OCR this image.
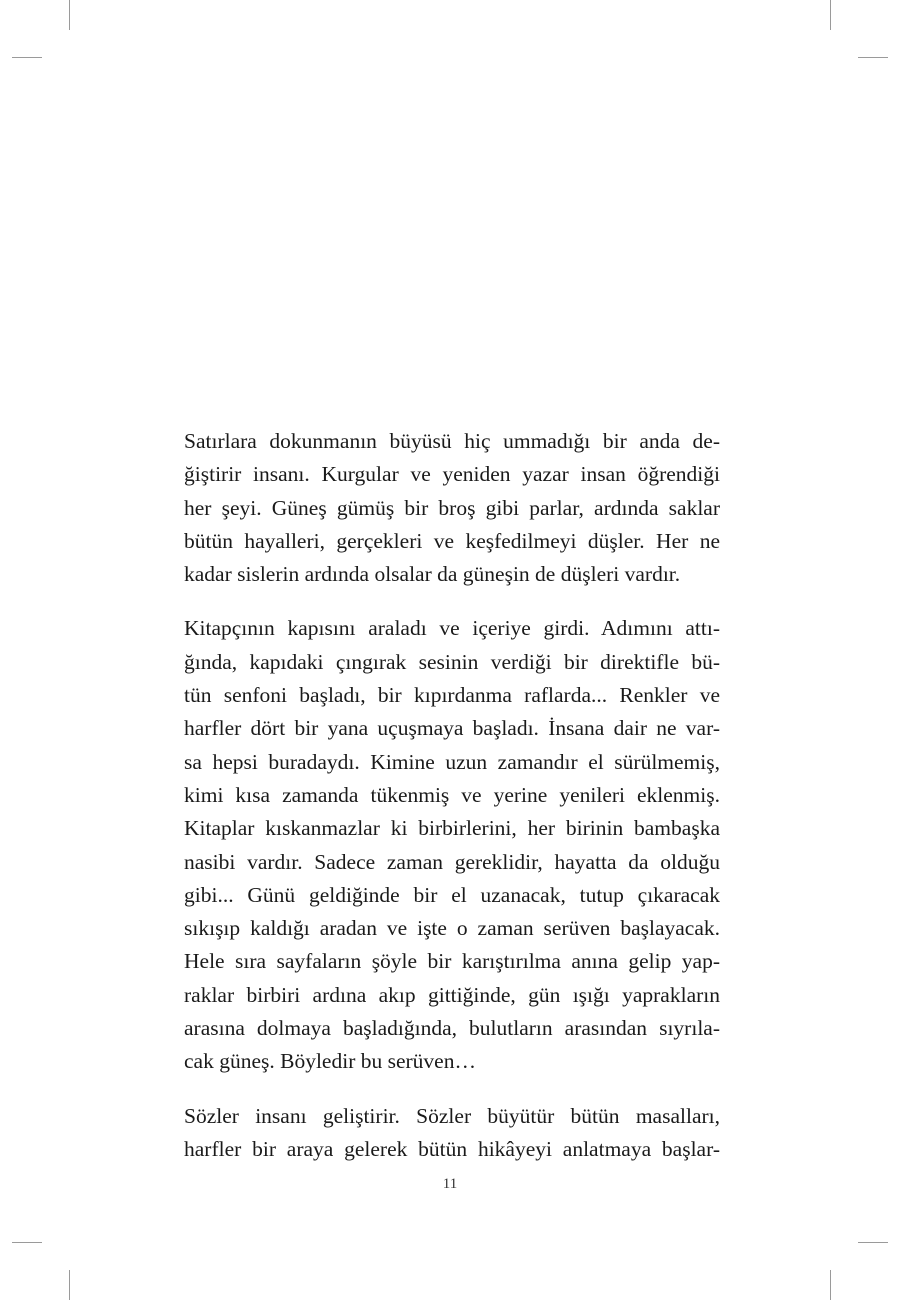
Satırlara dokunmanın büyüsü hiç ummadığı bir anda de-
ğiştirir insanı. Kurgular ve yeniden yazar insan öğrendiği
her şeyi. Güneş gümüş bir broş gibi parlar, ardında saklar
bütün hayalleri, gerçekleri ve keşfedilmeyi düşler. Her ne
kadar sislerin ardında olsalar da güneşin de düşleri vardır.

Kitapçının kapısını araladı ve içeriye girdi. Adımını attı-
ğında, kapıdaki çıngırak sesinin verdiği bir direktifle bü-
tün senfoni başladı, bir kıpırdanma raflarda... Renkler ve
harfler dört bir yana uçuşmaya başladı. İnsana dair ne var-
sa hepsi buradaydı. Kimine uzun zamandır el sürülmemiş,
kimi kısa zamanda tükenmiş ve yerine yenileri eklenmiş.
Kitaplar kıskanmazlar ki birbirlerini, her birinin bambaşka
nasibi vardır. Sadece zaman gereklidir, hayatta da olduğu
gibi... Günü geldiğinde bir el uzanacak, tutup çıkaracak
sıkışıp kaldığı aradan ve işte o zaman serüven başlayacak.
Hele sıra sayfaların şöyle bir karıştırılma anına gelip yap-
raklar birbiri ardına akıp gittiğinde, gün ışığı yaprakların
arasına dolmaya başladığında, bulutların arasından sıyrıla-
cak güneş. Böyledir bu serüven…

Sözler insanı geliştirir. Sözler büyütür bütün masalları,
harfler bir araya gelerek bütün hikâyeyi anlatmaya başlar-

11
